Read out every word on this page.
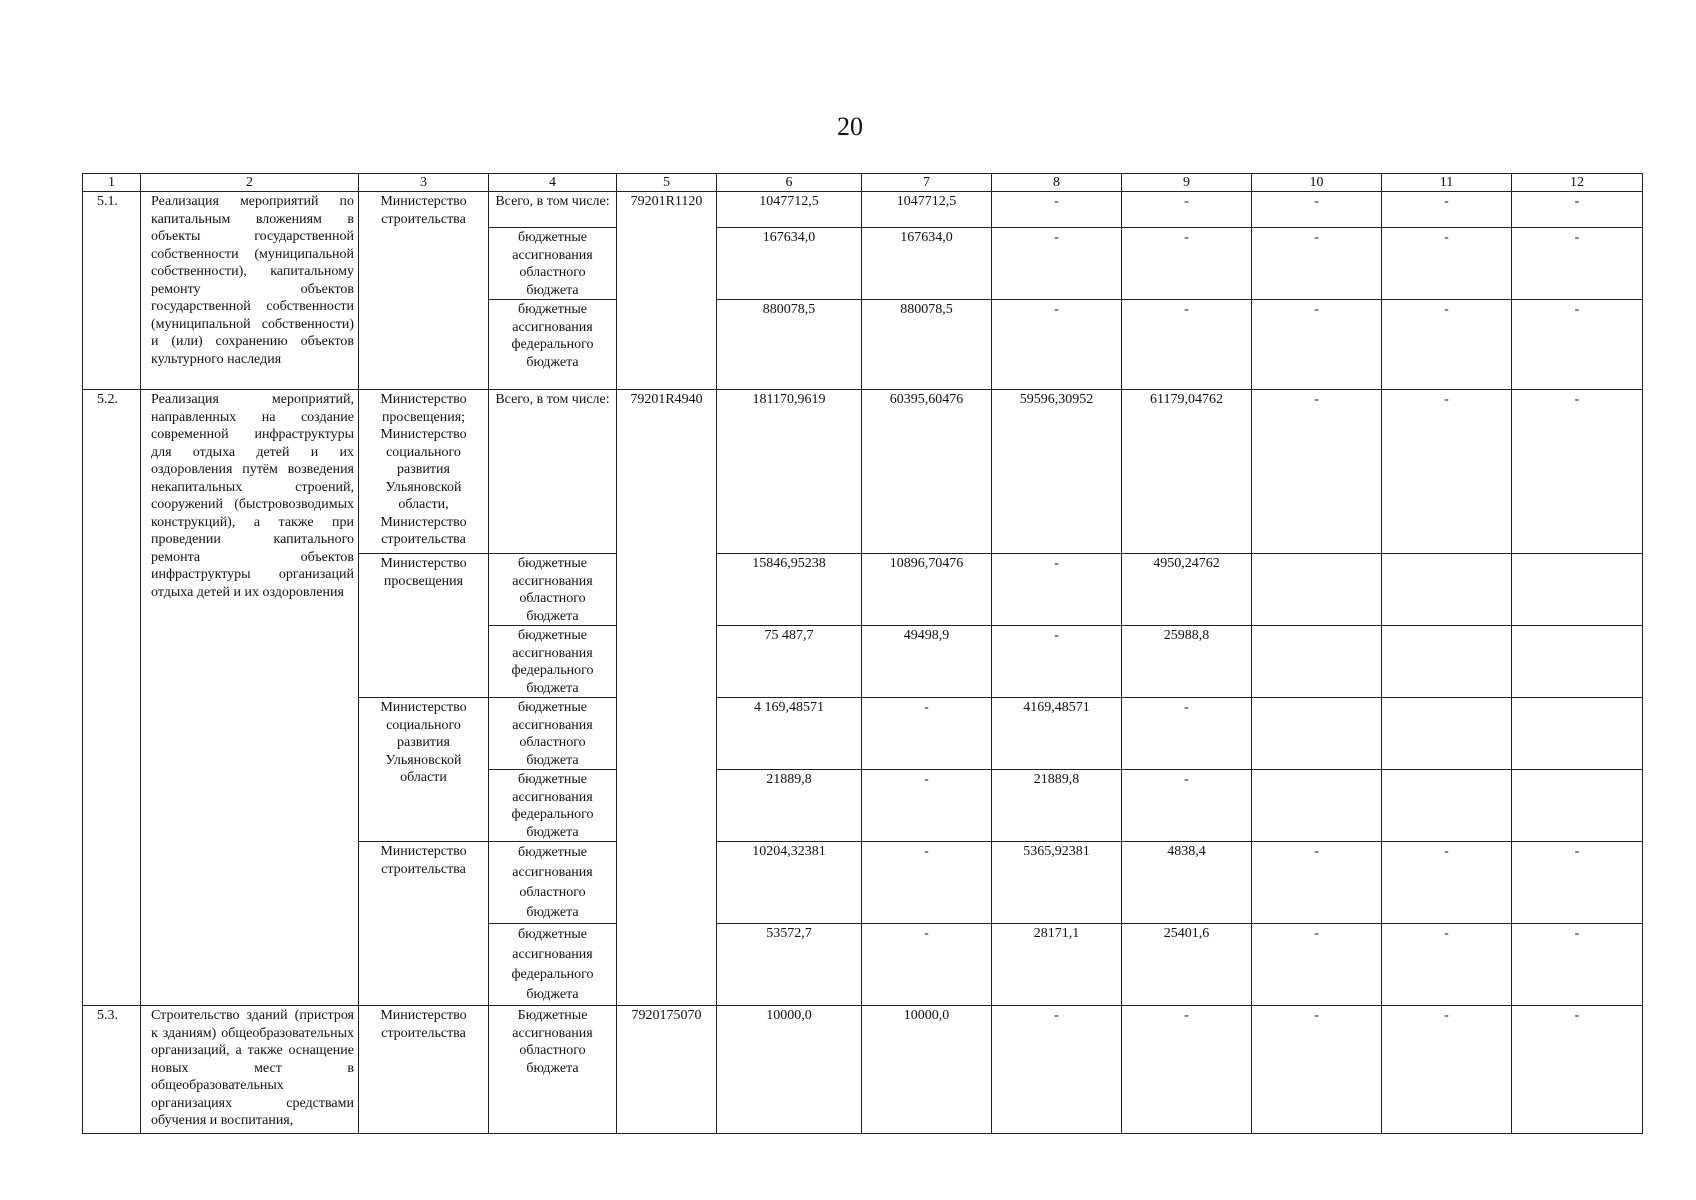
20
1	2	3	4	5	6	7	8	9	10	11	12
5.1.	Реализация мероприятий по капитальным вложениям в объекты государственной собственности (муниципальной собственности), капитальному ремонту объектов государственной собственности (муниципальной собственности) и (или) сохранению объектов культурного наследия	Министерство строительства	Всего, в том числе:	79201R1120	1047712,5	1047712,5	-	-	-	-	-
			бюджетные ассигнования областного бюджета		167634,0	167634,0	-	-	-	-	-
			бюджетные ассигнования федерального бюджета		880078,5	880078,5	-	-	-	-	-
5.2.	Реализация мероприятий, направленных на создание современной инфраструктуры для отдыха детей и их оздоровления путём возведения некапитальных строений, сооружений (быстровозводимых конструкций), а также при проведении капитального ремонта объектов инфраструктуры организаций отдыха детей и их оздоровления	Министерство просвещения; Министерство социального развития Ульяновской области, Министерство строительства	Всего, в том числе:	79201R4940	181170,9619	60395,60476	59596,30952	61179,04762	-	-	-
		Министерство просвещения	бюджетные ассигнования областного бюджета		15846,95238	10896,70476	-	4950,24762			
			бюджетные ассигнования федерального бюджета		75 487,7	49498,9	-	25988,8			
		Министерство социального развития Ульяновской области	бюджетные ассигнования областного бюджета		4 169,48571	-	4169,48571	-			
			бюджетные ассигнования федерального бюджета		21889,8	-	21889,8	-			
		Министерство строительства	бюджетные ассигнования областного бюджета		10204,32381	-	5365,92381	4838,4	-	-	-
			бюджетные ассигнования федерального бюджета		53572,7	-	28171,1	25401,6	-	-	-
5.3.	Строительство зданий (пристроя к зданиям) общеобразовательных организаций, а также оснащение новых мест в общеобразовательных организациях средствами обучения и воспитания,	Министерство строительства	Бюджетные ассигнования областного бюджета	7920175070	10000,0	10000,0	-	-	-	-	-
